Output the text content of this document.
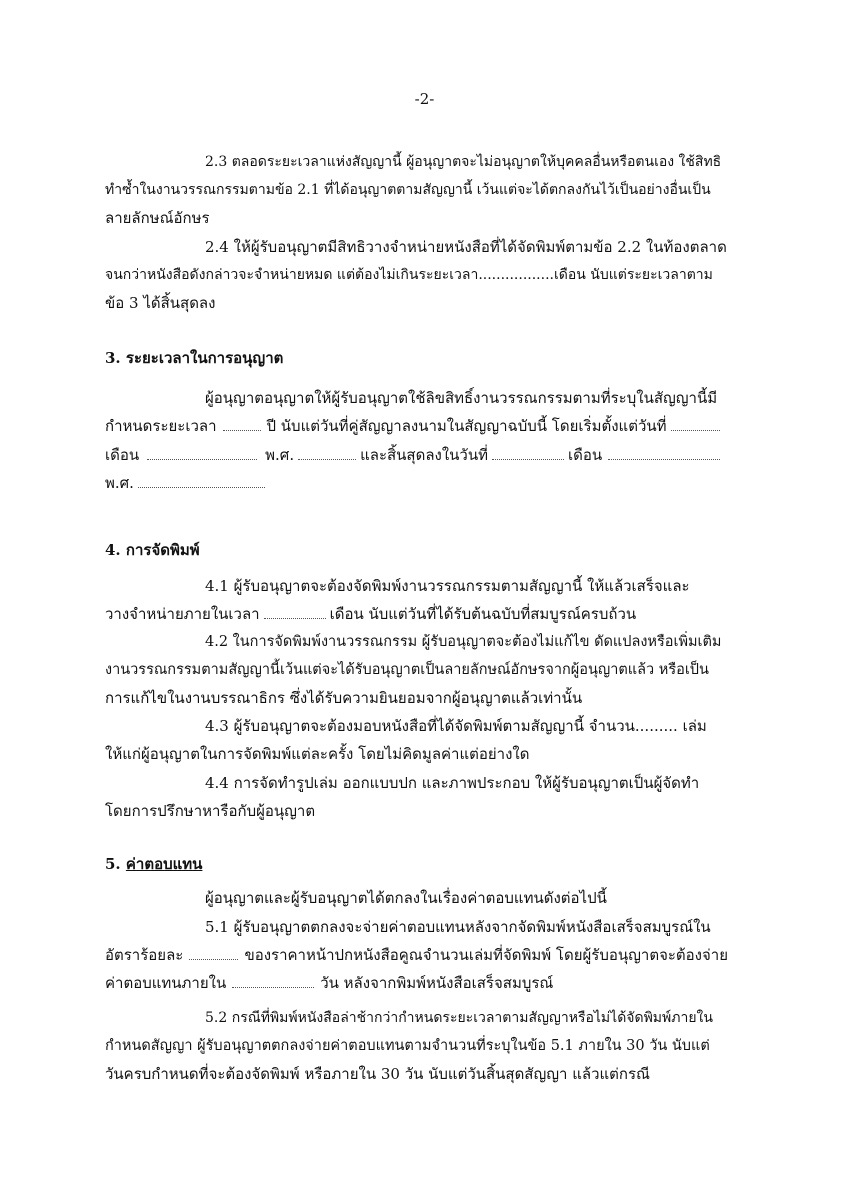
-2-
2.3 ตลอดระยะเวลาแห่งสัญญานี้ ผู้อนุญาตจะไม่อนุญาตให้บุคคลอื่นหรือตนเอง ใช้สิทธิ
ทำซ้ำในงานวรรณกรรมตามข้อ 2.1 ที่ได้อนุญาตตามสัญญานี้ เว้นแต่จะได้ตกลงกันไว้เป็นอย่างอื่นเป็น
ลายลักษณ์อักษร
2.4 ให้ผู้รับอนุญาตมีสิทธิวางจำหน่ายหนังสือที่ได้จัดพิมพ์ตามข้อ 2.2 ในท้องตลาด
จนกว่าหนังสือดังกล่าวจะจำหน่ายหมด แต่ต้องไม่เกินระยะเวลา.................เดือน นับแต่ระยะเวลาตาม
ข้อ 3 ได้สิ้นสุดลง
3. ระยะเวลาในการอนุญาต
ผู้อนุญาตอนุญาตให้ผู้รับอนุญาตใช้ลิขสิทธิ์งานวรรณกรรมตามที่ระบุในสัญญานี้มี
กำหนดระยะเวลา	ปี นับแต่วันที่คู่สัญญาลงนามในสัญญาฉบับนี้ โดยเริ่มตั้งแต่วันที่
เดือน	พ.ศ.	และสิ้นสุดลงในวันที่	เดือน
พ.ศ.
4. การจัดพิมพ์
4.1 ผู้รับอนุญาตจะต้องจัดพิมพ์งานวรรณกรรมตามสัญญานี้ ให้แล้วเสร็จและ
วางจำหน่ายภายในเวลา	เดือน นับแต่วันที่ได้รับต้นฉบับที่สมบูรณ์ครบถ้วน
4.2 ในการจัดพิมพ์งานวรรณกรรม ผู้รับอนุญาตจะต้องไม่แก้ไข ดัดแปลงหรือเพิ่มเติม
งานวรรณกรรมตามสัญญานี้เว้นแต่จะได้รับอนุญาตเป็นลายลักษณ์อักษรจากผู้อนุญาตแล้ว หรือเป็น
การแก้ไขในงานบรรณาธิกร ซึ่งได้รับความยินยอมจากผู้อนุญาตแล้วเท่านั้น
4.3 ผู้รับอนุญาตจะต้องมอบหนังสือที่ได้จัดพิมพ์ตามสัญญานี้ จำนวน......... เล่ม
ให้แก่ผู้อนุญาตในการจัดพิมพ์แต่ละครั้ง โดยไม่คิดมูลค่าแต่อย่างใด
4.4 การจัดทำรูปเล่ม ออกแบบปก และภาพประกอบ ให้ผู้รับอนุญาตเป็นผู้จัดทำ
โดยการปรึกษาหารือกับผู้อนุญาต
5. ค่าตอบแทน
ผู้อนุญาตและผู้รับอนุญาตได้ตกลงในเรื่องค่าตอบแทนดังต่อไปนี้
5.1 ผู้รับอนุญาตตกลงจะจ่ายค่าตอบแทนหลังจากจัดพิมพ์หนังสือเสร็จสมบูรณ์ใน
อัตราร้อยละ	ของราคาหน้าปกหนังสือคูณจำนวนเล่มที่จัดพิมพ์ โดยผู้รับอนุญาตจะต้องจ่าย
ค่าตอบแทนภายใน	วัน หลังจากพิมพ์หนังสือเสร็จสมบูรณ์
5.2 กรณีที่พิมพ์หนังสือล่าช้ากว่ากำหนดระยะเวลาตามสัญญาหรือไม่ได้จัดพิมพ์ภายใน
กำหนดสัญญา ผู้รับอนุญาตตกลงจ่ายค่าตอบแทนตามจำนวนที่ระบุในข้อ 5.1 ภายใน 30 วัน นับแต่
วันครบกำหนดที่จะต้องจัดพิมพ์ หรือภายใน 30 วัน นับแต่วันสิ้นสุดสัญญา แล้วแต่กรณี
